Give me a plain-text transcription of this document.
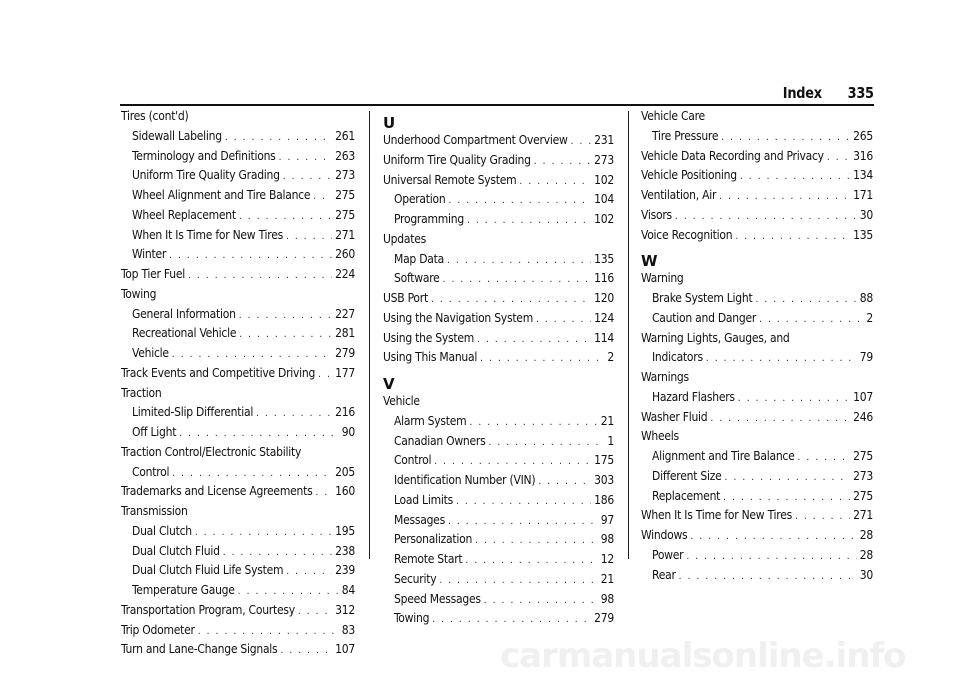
Index 335
Tires (cont'd)
Sidewall Labeling . . .	261
Terminology and Definitions . . .	263
Uniform Tire Quality Grading . . .	273
Wheel Alignment and Tire Balance . . . 275
Wheel Replacement . . .	275
When It Is Time for New Tires . . .	271
Winter . . .	260
Top Tier Fuel . . .	224
Towing
General Information . . .	227
Recreational Vehicle . . .	281
Vehicle . . .	279
Track Events and Competitive Driving . . . 177
Traction
Limited-Slip Differential . . .	216
Off Light . . .	90
Traction Control/Electronic Stability
Control . . .	205
Trademarks and License Agreements . . . 160
Transmission
Dual Clutch . . .	195
Dual Clutch Fluid . . .	238
Dual Clutch Fluid Life System . . .	239
Temperature Gauge . . .	84
Transportation Program, Courtesy . . .	312
Trip Odometer . . .	83
Turn and Lane-Change Signals . . .	107
U
Underhood Compartment Overview . . . 231
Uniform Tire Quality Grading . . .	273
Universal Remote System . . .	102
Operation . . .	104
Programming . . .	102
Updates
Map Data . . .	135
Software . . .	116
USB Port . . .	120
Using the Navigation System . . .	124
Using the System . . .	114
Using This Manual . . .	2
V
Vehicle
Alarm System . . .	21
Canadian Owners . . .	1
Control . . .	175
Identification Number (VIN) . . .	303
Load Limits . . .	186
Messages . . .	97
Personalization . . .	98
Remote Start . . .	12
Security . . .	21
Speed Messages . . .	98
Towing . . .	279
Vehicle Care
Tire Pressure . . .	265
Vehicle Data Recording and Privacy . . . 316
Vehicle Positioning . . .	134
Ventilation, Air . . .	171
Visors . . .	30
Voice Recognition . . .	135
W
Warning
Brake System Light . . .	88
Caution and Danger . . .	2
Warning Lights, Gauges, and
Indicators . . .	79
Warnings
Hazard Flashers . . .	107
Washer Fluid . . .	246
Wheels
Alignment and Tire Balance . . .	275
Different Size . . .	273
Replacement . . .	275
When It Is Time for New Tires . . .	271
Windows . . .	28
Power . . .	28
Rear . . .	30
carmanualsonline.info
